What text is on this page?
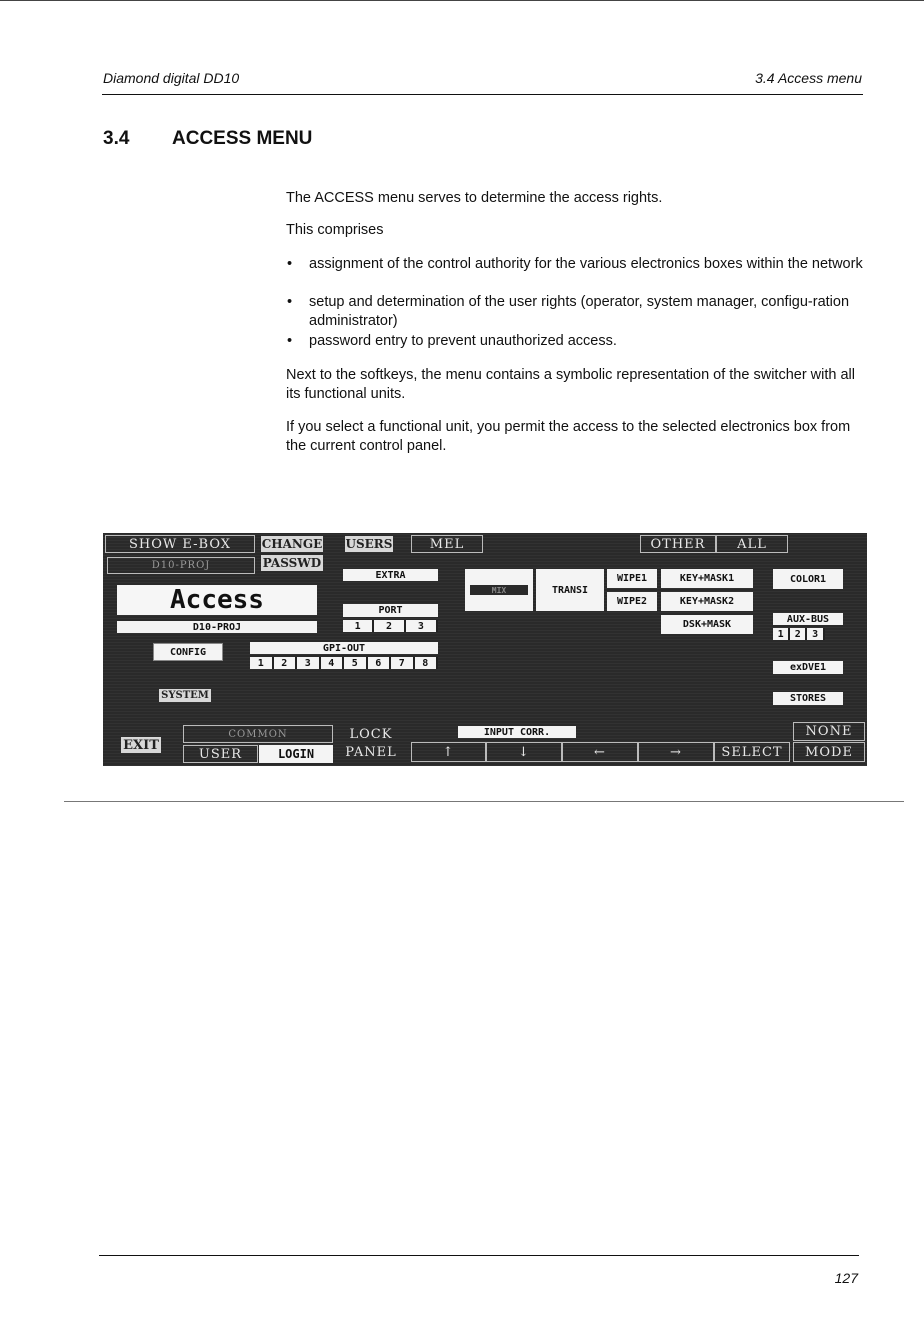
Diamond digital DD10	3.4 Access menu
3.4 ACCESS MENU
The ACCESS menu serves to determine the access rights.
This comprises
• assignment of the control authority for the various electronics boxes within the network
• setup and determination of the user rights (operator, system manager, configu-ration administrator)
• password entry to prevent unauthorized access.
Next to the softkeys, the menu contains a symbolic representation of the switcher with all its functional units.
If you select a functional unit, you permit the access to the selected electronics box from the current control panel.
SHOW E-BOX
D10-PROJ
CHANGE
PASSWD
USERS	MEL	OTHER	ALL
Access
D10-PROJ
EXTRA
PORT
1	2	3
CONFIG	GPI-OUT
1	2	3	4	5	6	7	8
SYSTEM
MIX	TRANSI
WIPE1
WIPE2
KEY+MASK1
KEY+MASK2
DSK+MASK
COLOR1
AUX-BUS
1	2	3
exDVE1
STORES
EXIT
COMMON
USER	LOGIN
LOCK
PANEL
INPUT CORR.
↑	↓	←	→	SELECT
NONE
MODE
127
